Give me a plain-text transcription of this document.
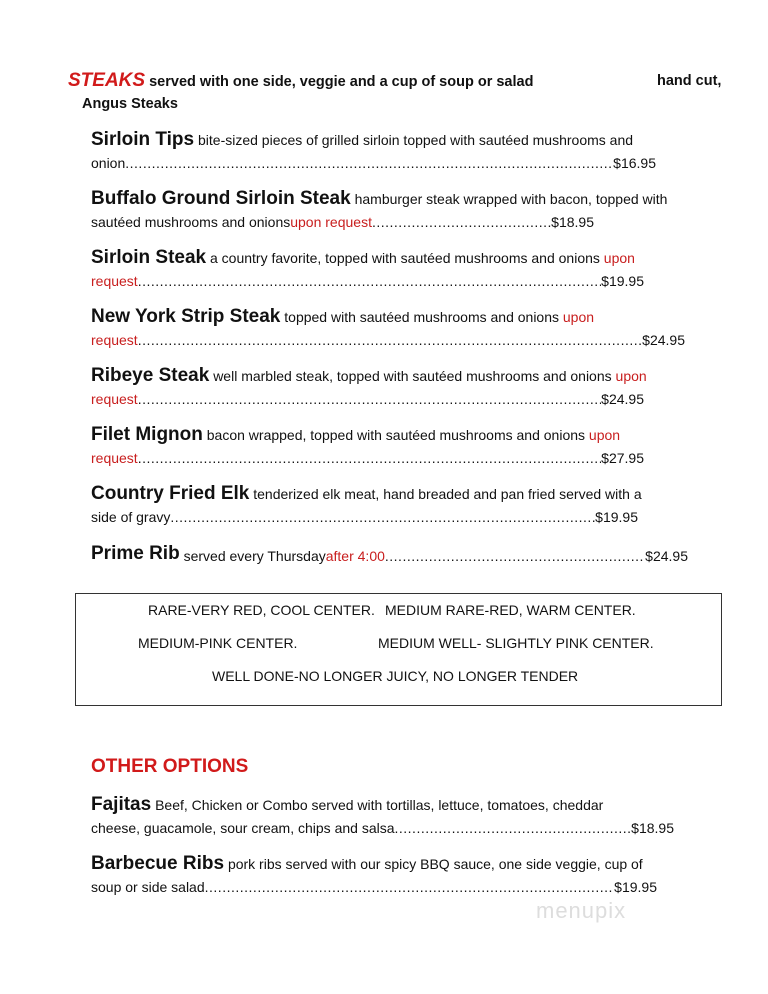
STEAKS served with one side, veggie and a cup of soup or salad	hand cut,
Angus Steaks
Sirloin Tips bite-sized pieces of grilled sirloin topped with sautéed mushrooms and
onion .....	$16.95
Buffalo Ground Sirloin Steak hamburger steak wrapped with bacon, topped with
sautéed mushrooms and onions upon request .....	$18.95
Sirloin Steak a country favorite, topped with sautéed mushrooms and onions upon
request .....	$19.95
New York Strip Steak topped with sautéed mushrooms and onions upon
request .....	$24.95
Ribeye Steak well marbled steak, topped with sautéed mushrooms and onions upon
request .....	$24.95
Filet Mignon bacon wrapped, topped with sautéed mushrooms and onions upon
request .....	$27.95
Country Fried Elk tenderized elk meat, hand breaded and pan fried served with a
side of gravy .....	$19.95
Prime Rib
served every Thursday after 4:00 .....	$24.95
RARE-VERY RED, COOL CENTER. MEDIUM RARE-RED, WARM CENTER.
MEDIUM-PINK CENTER.	MEDIUM WELL- SLIGHTLY PINK CENTER.
WELL DONE-NO LONGER JUICY, NO LONGER TENDER
OTHER OPTIONS
Fajitas Beef, Chicken or Combo served with tortillas, lettuce, tomatoes, cheddar
cheese, guacamole, sour cream, chips and salsa .....	$18.95
Barbecue Ribs pork ribs served with our spicy BBQ sauce, one side veggie, cup of
soup or side salad .....	$19.95
menupix
